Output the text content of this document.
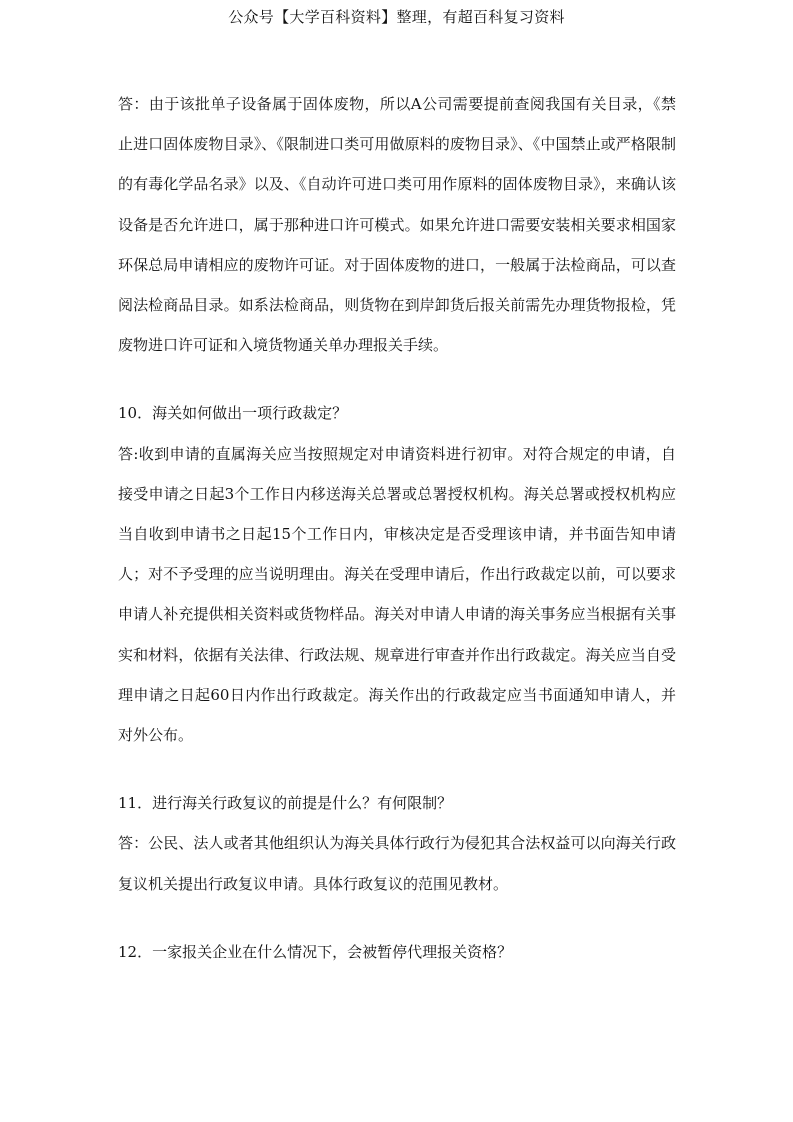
公众号【大学百科资料】整理，有超百科复习资料

答：由于该批单子设备属于固体废物，所以A公司需要提前查阅我国有关目录，《禁止进口固体废物目录》、《限制进口类可用做原料的废物目录》、《中国禁止或严格限制的有毒化学品名录》以及、《自动许可进口类可用作原料的固体废物目录》，来确认该设备是否允许进口，属于那种进口许可模式。如果允许进口需要安装相关要求相国家环保总局申请相应的废物许可证。对于固体废物的进口，一般属于法检商品，可以查阅法检商品目录。如系法检商品，则货物在到岸卸货后报关前需先办理货物报检，凭废物进口许可证和入境货物通关单办理报关手续。

10．海关如何做出一项行政裁定？

答:收到申请的直属海关应当按照规定对申请资料进行初审。对符合规定的申请，自接受申请之日起3个工作日内移送海关总署或总署授权机构。海关总署或授权机构应当自收到申请书之日起15个工作日内，审核决定是否受理该申请，并书面告知申请人；对不予受理的应当说明理由。海关在受理申请后，作出行政裁定以前，可以要求申请人补充提供相关资料或货物样品。海关对申请人申请的海关事务应当根据有关事实和材料，依据有关法律、行政法规、规章进行审查并作出行政裁定。海关应当自受理申请之日起60日内作出行政裁定。海关作出的行政裁定应当书面通知申请人，并对外公布。

11．进行海关行政复议的前提是什么？有何限制？

答：公民、法人或者其他组织认为海关具体行政行为侵犯其合法权益可以向海关行政复议机关提出行政复议申请。具体行政复议的范围见教材。

12．一家报关企业在什么情况下，会被暂停代理报关资格？
